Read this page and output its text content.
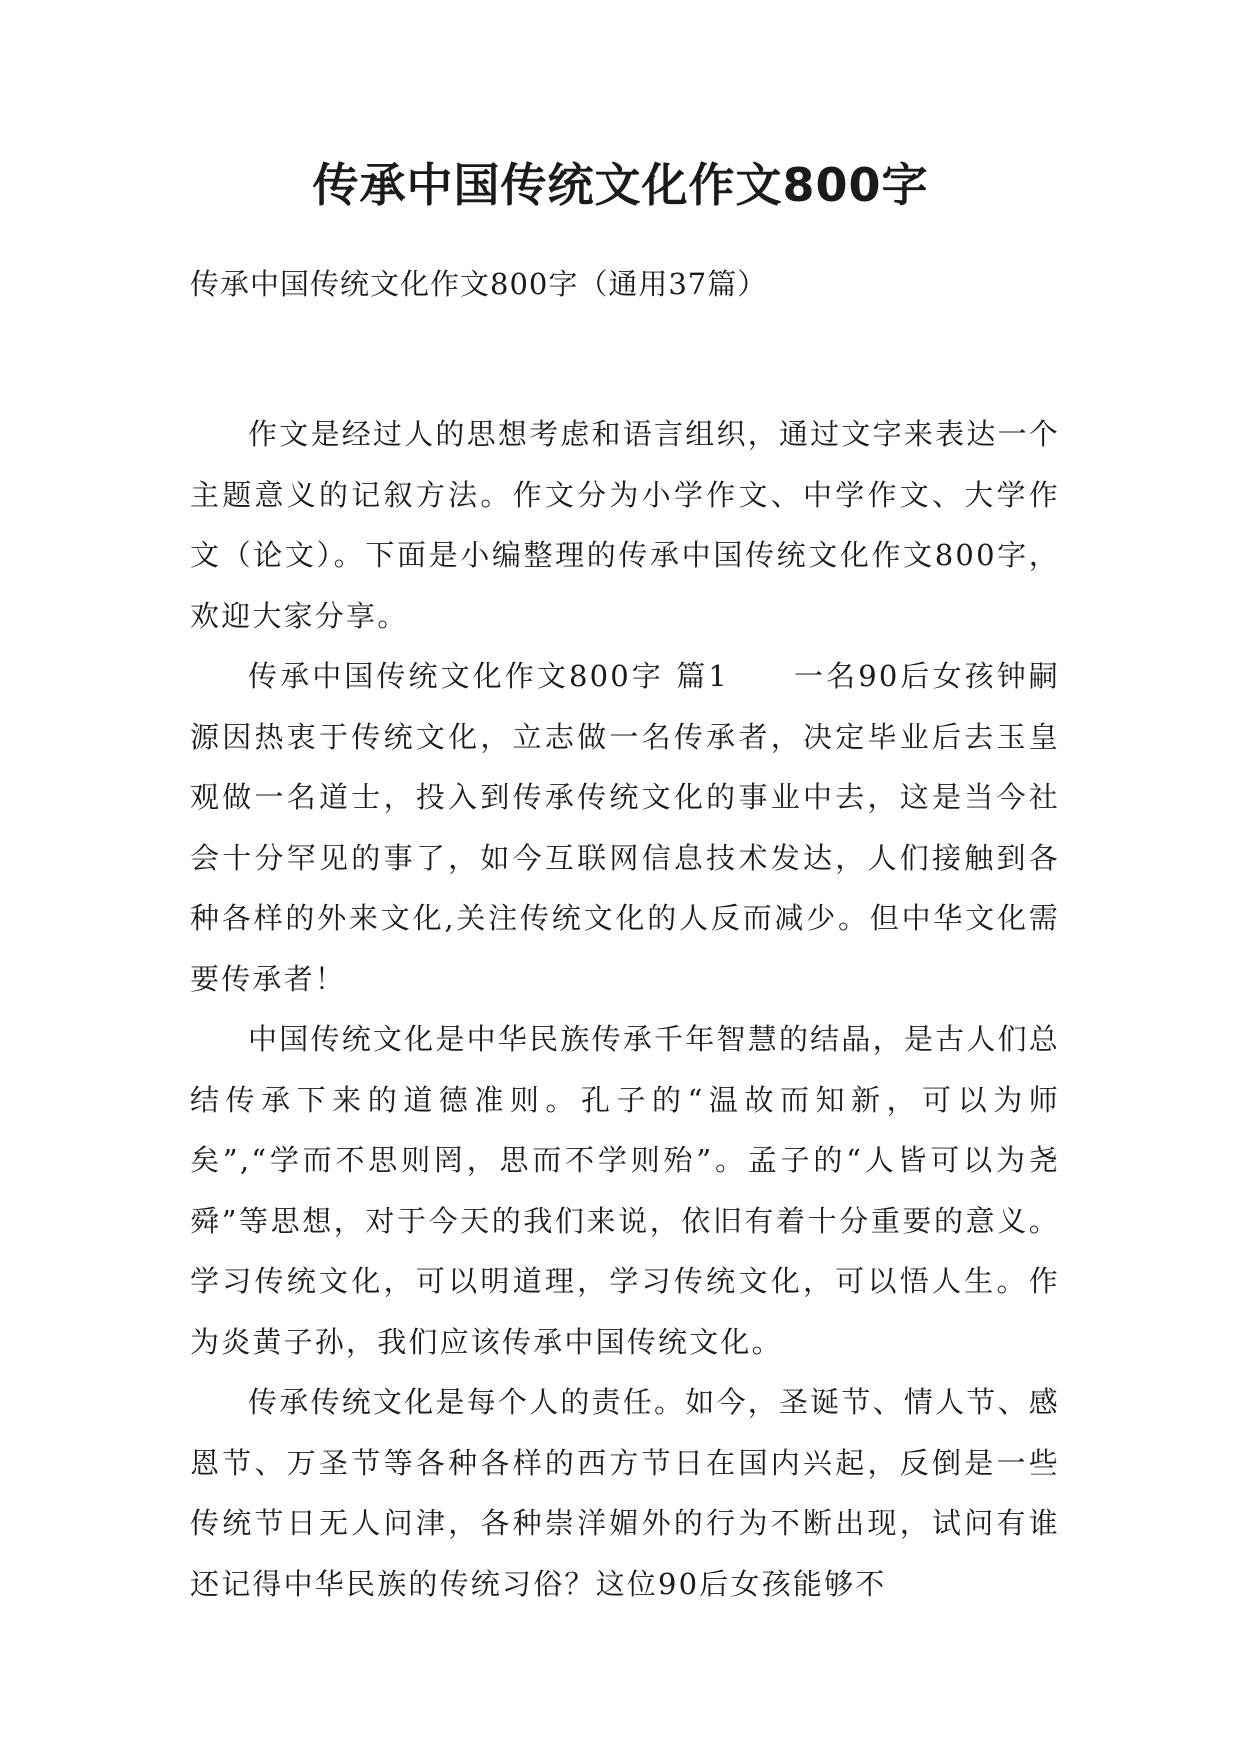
传承中国传统文化作文800字

传承中国传统文化作文800字（通用37篇）

作文是经过人的思想考虑和语言组织，通过文字来表达一个主题意义的记叙方法。作文分为小学作文、中学作文、大学作文（论文）。下面是小编整理的传承中国传统文化作文800字，欢迎大家分享。

传承中国传统文化作文800字 篇1　　一名90后女孩钟嗣源因热衷于传统文化，立志做一名传承者，决定毕业后去玉皇观做一名道士，投入到传承传统文化的事业中去，这是当今社会十分罕见的事了，如今互联网信息技术发达，人们接触到各种各样的外来文化,关注传统文化的人反而减少。但中华文化需要传承者！

中国传统文化是中华民族传承千年智慧的结晶，是古人们总结传承下来的道德准则。孔子的“温故而知新，可以为师矣”,“学而不思则罔，思而不学则殆”。孟子的“人皆可以为尧舜”等思想，对于今天的我们来说，依旧有着十分重要的意义。学习传统文化，可以明道理，学习传统文化，可以悟人生。作为炎黄子孙，我们应该传承中国传统文化。

传承传统文化是每个人的责任。如今，圣诞节、情人节、感恩节、万圣节等各种各样的西方节日在国内兴起，反倒是一些传统节日无人问津，各种崇洋媚外的行为不断出现，试问有谁还记得中华民族的传统习俗？这位90后女孩能够不
